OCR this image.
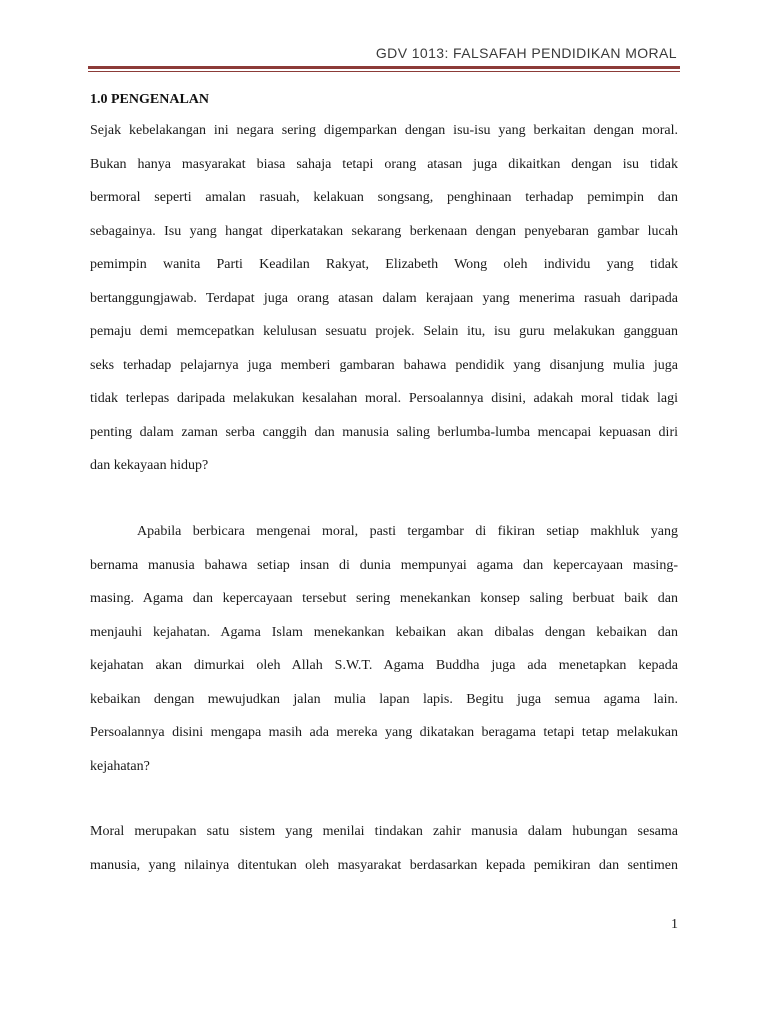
GDV 1013: FALSAFAH PENDIDIKAN MORAL
1.0 PENGENALAN
Sejak kebelakangan ini negara sering digemparkan dengan isu-isu yang berkaitan dengan moral.
Bukan hanya masyarakat biasa sahaja tetapi orang atasan juga dikaitkan dengan isu tidak
bermoral seperti amalan rasuah, kelakuan songsang, penghinaan terhadap pemimpin dan
sebagainya. Isu yang hangat diperkatakan sekarang berkenaan dengan penyebaran gambar lucah
pemimpin wanita Parti Keadilan Rakyat, Elizabeth Wong oleh individu yang tidak
bertanggungjawab. Terdapat juga orang atasan dalam kerajaan yang menerima rasuah daripada
pemaju demi memcepatkan kelulusan sesuatu projek. Selain itu, isu guru melakukan gangguan
seks terhadap pelajarnya juga memberi gambaran bahawa pendidik yang disanjung mulia juga
tidak terlepas daripada melakukan kesalahan moral. Persoalannya disini, adakah moral tidak lagi
penting dalam zaman serba canggih dan manusia saling berlumba-lumba mencapai kepuasan diri
dan kekayaan hidup?
Apabila berbicara mengenai moral, pasti tergambar di fikiran setiap makhluk yang
bernama manusia bahawa setiap insan di dunia mempunyai agama dan kepercayaan masing-
masing. Agama dan kepercayaan tersebut sering menekankan konsep saling berbuat baik dan
menjauhi kejahatan. Agama Islam menekankan kebaikan akan dibalas dengan kebaikan dan
kejahatan akan dimurkai oleh Allah S.W.T. Agama Buddha juga ada menetapkan kepada
kebaikan dengan mewujudkan jalan mulia lapan lapis. Begitu juga semua agama lain.
Persoalannya disini mengapa masih ada mereka yang dikatakan beragama tetapi tetap melakukan
kejahatan?
Moral merupakan satu sistem yang menilai tindakan zahir manusia dalam hubungan sesama
manusia, yang nilainya ditentukan oleh masyarakat berdasarkan kepada pemikiran dan sentimen
1
